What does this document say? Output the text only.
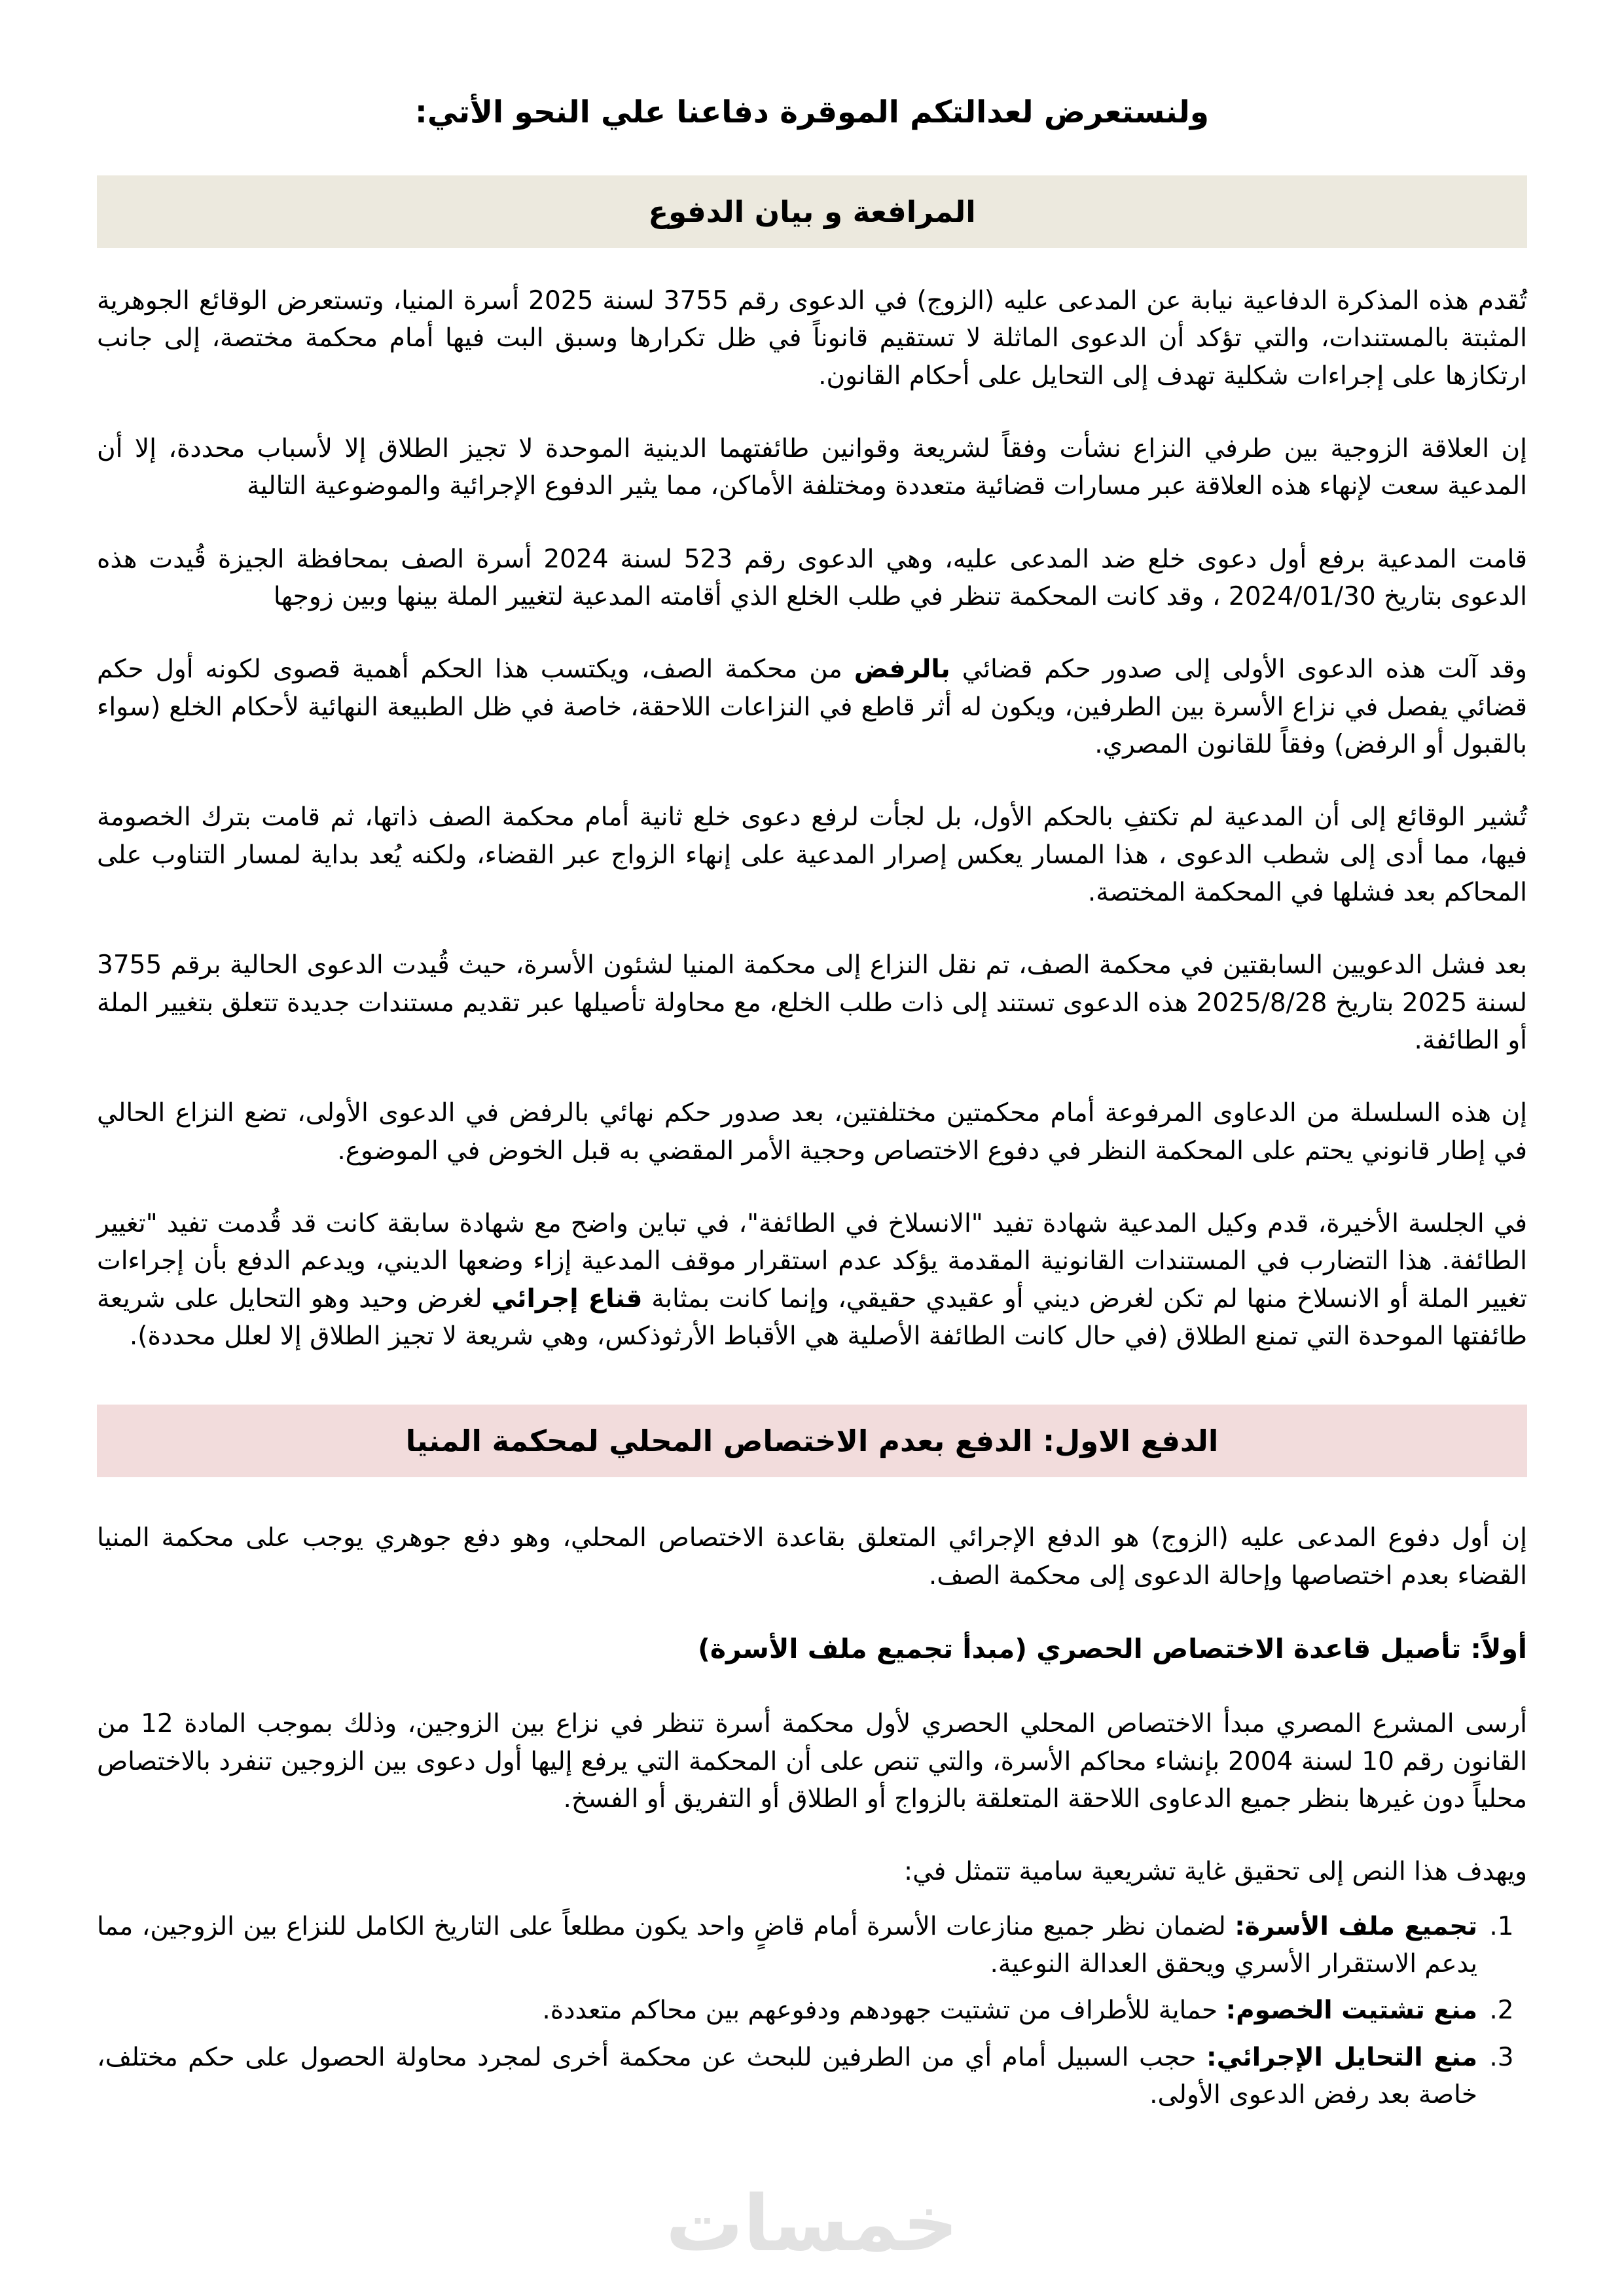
ولنستعرض لعدالتكم الموقرة دفاعنا علي النحو الأتي:
المرافعة و بيان الدفوع

تُقدم هذه المذكرة الدفاعية نيابة عن المدعى عليه (الزوج) في الدعوى رقم 3755 لسنة 2025 أسرة المنيا، وتستعرض الوقائع الجوهرية المثبتة بالمستندات، والتي تؤكد أن الدعوى الماثلة لا تستقيم قانوناً في ظل تكرارها وسبق البت فيها أمام محكمة مختصة، إلى جانب ارتكازها على إجراءات شكلية تهدف إلى التحايل على أحكام القانون.

إن العلاقة الزوجية بين طرفي النزاع نشأت وفقاً لشريعة وقوانين طائفتهما الدينية الموحدة لا تجيز الطلاق إلا لأسباب محددة، إلا أن المدعية سعت لإنهاء هذه العلاقة عبر مسارات قضائية متعددة ومختلفة الأماكن، مما يثير الدفوع الإجرائية والموضوعية التالية

قامت المدعية برفع أول دعوى خلع ضد المدعى عليه، وهي الدعوى رقم 523 لسنة 2024 أسرة الصف بمحافظة الجيزة قُيدت هذه الدعوى بتاريخ 2024/01/30 ، وقد كانت المحكمة تنظر في طلب الخلع الذي أقامته المدعية لتغيير الملة بينها وبين زوجها

وقد آلت هذه الدعوى الأولى إلى صدور حكم قضائي بالرفض من محكمة الصف، ويكتسب هذا الحكم أهمية قصوى لكونه أول حكم قضائي يفصل في نزاع الأسرة بين الطرفين، ويكون له أثر قاطع في النزاعات اللاحقة، خاصة في ظل الطبيعة النهائية لأحكام الخلع (سواء بالقبول أو الرفض) وفقاً للقانون المصري.

تُشير الوقائع إلى أن المدعية لم تكتفِ بالحكم الأول، بل لجأت لرفع دعوى خلع ثانية أمام محكمة الصف ذاتها، ثم قامت بترك الخصومة فيها، مما أدى إلى شطب الدعوى ، هذا المسار يعكس إصرار المدعية على إنهاء الزواج عبر القضاء، ولكنه يُعد بداية لمسار التناوب على المحاكم بعد فشلها في المحكمة المختصة.

بعد فشل الدعويين السابقتين في محكمة الصف، تم نقل النزاع إلى محكمة المنيا لشئون الأسرة، حيث قُيدت الدعوى الحالية برقم 3755 لسنة 2025 بتاريخ 2025/8/28 هذه الدعوى تستند إلى ذات طلب الخلع، مع محاولة تأصيلها عبر تقديم مستندات جديدة تتعلق بتغيير الملة أو الطائفة.

إن هذه السلسلة من الدعاوى المرفوعة أمام محكمتين مختلفتين، بعد صدور حكم نهائي بالرفض في الدعوى الأولى، تضع النزاع الحالي في إطار قانوني يحتم على المحكمة النظر في دفوع الاختصاص وحجية الأمر المقضي به قبل الخوض في الموضوع.

في الجلسة الأخيرة، قدم وكيل المدعية شهادة تفيد "الانسلاخ في الطائفة"، في تباين واضح مع شهادة سابقة كانت قد قُدمت تفيد "تغيير الطائفة. هذا التضارب في المستندات القانونية المقدمة يؤكد عدم استقرار موقف المدعية إزاء وضعها الديني، ويدعم الدفع بأن إجراءات تغيير الملة أو الانسلاخ منها لم تكن لغرض ديني أو عقيدي حقيقي، وإنما كانت بمثابة قناع إجرائي لغرض وحيد وهو التحايل على شريعة طائفتها الموحدة التي تمنع الطلاق (في حال كانت الطائفة الأصلية هي الأقباط الأرثوذكس، وهي شريعة لا تجيز الطلاق إلا لعلل محددة).

الدفع الاول: الدفع بعدم الاختصاص المحلي لمحكمة المنيا

إن أول دفوع المدعى عليه (الزوج) هو الدفع الإجرائي المتعلق بقاعدة الاختصاص المحلي، وهو دفع جوهري يوجب على محكمة المنيا القضاء بعدم اختصاصها وإحالة الدعوى إلى محكمة الصف.

أولاً: تأصيل قاعدة الاختصاص الحصري (مبدأ تجميع ملف الأسرة)

أرسى المشرع المصري مبدأ الاختصاص المحلي الحصري لأول محكمة أسرة تنظر في نزاع بين الزوجين، وذلك بموجب المادة 12 من القانون رقم 10 لسنة 2004 بإنشاء محاكم الأسرة، والتي تنص على أن المحكمة التي يرفع إليها أول دعوى بين الزوجين تنفرد بالاختصاص محلياً دون غيرها بنظر جميع الدعاوى اللاحقة المتعلقة بالزواج أو الطلاق أو التفريق أو الفسخ.

ويهدف هذا النص إلى تحقيق غاية تشريعية سامية تتمثل في:

1. تجميع ملف الأسرة: لضمان نظر جميع منازعات الأسرة أمام قاضٍ واحد يكون مطلعاً على التاريخ الكامل للنزاع بين الزوجين، مما يدعم الاستقرار الأسري ويحقق العدالة النوعية.
2. منع تشتيت الخصوم: حماية للأطراف من تشتيت جهودهم ودفوعهم بين محاكم متعددة.
3. منع التحايل الإجرائي: حجب السبيل أمام أي من الطرفين للبحث عن محكمة أخرى لمجرد محاولة الحصول على حكم مختلف، خاصة بعد رفض الدعوى الأولى.
خمسات
